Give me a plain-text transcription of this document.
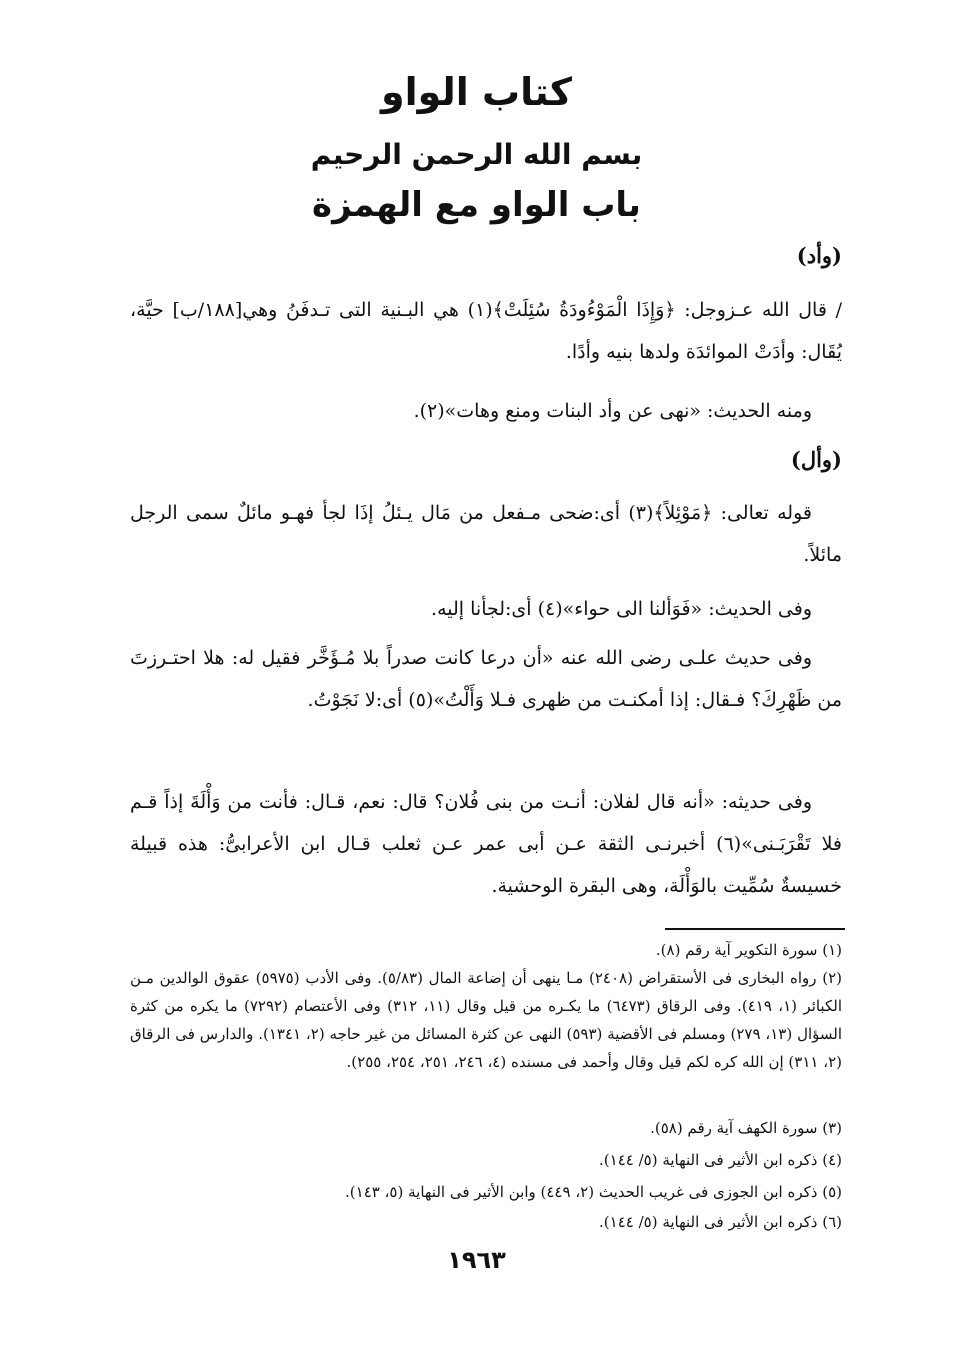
كتاب الواو
بسم الله الرحمن الرحيم
باب الواو مع الهمزة
(وأد)
/ قال الله عـزوجل: ﴿وَإِذَا الْمَوْءُودَةُ سُئِلَتْ﴾(١) هي البـنية التى تـدفَنُ وهي[١٨٨/ب] حيَّة، يُقَال: وأدَتْ الموائدَة ولدها بنيه وأدًا.
ومنه الحديث: «نهى عن وأد البنات ومنع وهات»(٢).
(وأل)
قوله تعالى: ﴿مَوْئِلاً﴾(٣) أى:ضحى مـفعل من مَال يـئلُ إذَا لجأ فهـو مائلٌ سمى الرجل مائلاً.
وفى الحديث: «فَوَألنا الى حواء»(٤) أى:لجأنا إليه.
وفى حديث علـى رضى الله عنه «أن درعا كانت صدراً بلا مُـؤَخَّر فقيل له: هلا احتـرزتَ من ظَهْرِكَ؟ فـقال: إذا أمكنـت من ظهرى فـلا وَأَلْتُ»(٥) أى:لا نَجَوْتُ.
وفى حديثه: «أنه قال لفلان: أنـت من بنى فُلان؟ قال: نعم، قـال: فأنت من وَأْلَةَ إذاً قـم فلا تَقْرَبَـنى»(٦) أخبرنـى الثقة عـن أبى عمر عـن ثعلب قـال ابن الأعرابىُّ: هذه قبيلة خسيسةٌ سُمِّيت بالوَأْلَة، وهى البقرة الوحشية.
(١) سورة التكوير آية رقم (٨).
(٢) رواه البخارى فى الأستقراض (٢٤٠٨) مـا ينهى أن إضاعة المال (٥/٨٣). وفى الأدب (٥٩٧٥) عقوق الوالدين مـن الكبائر (١، ٤١٩). وفى الرقاق (٦٤٧٣) ما يكـره من قيل وقال (١١، ٣١٢) وفى الأعتصام (٧٢٩٢) ما يكره من كثرة السؤال (١٣، ٢٧٩) ومسلم فى الأقضية (٥٩٣) النهى عن كثرة المسائل من غير حاجه (٢، ١٣٤١). والدارس فى الرقاق (٢، ٣١١) إن الله كره لكم قيل وقال وأحمد فى مسنده (٤، ٢٤٦، ٢٥١، ٢٥٤، ٢٥٥).
(٣) سورة الكهف آية رقم (٥٨).
(٤) ذكره ابن الأثير فى النهاية (٥/ ١٤٤).
(٥) ذكره ابن الجوزى فى غريب الحديث (٢، ٤٤٩) وابن الأثير فى النهاية (٥، ١٤٣).
(٦) ذكره ابن الأثير فى النهاية (٥/ ١٤٤).
١٩٦٣
